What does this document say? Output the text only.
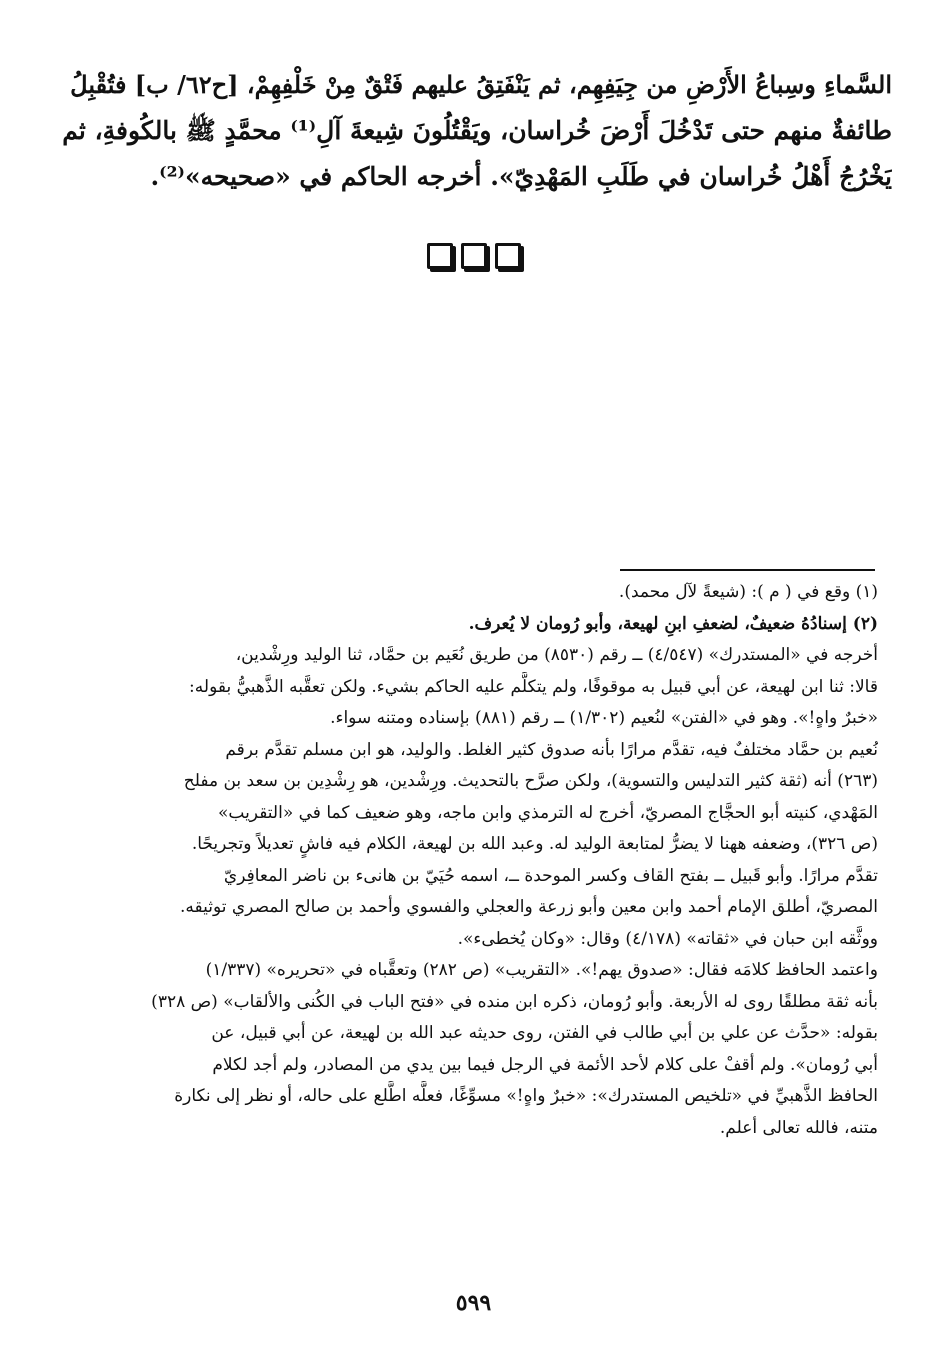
السَّماءِ وسِباعُ الأَرْضِ من جِيَفِهِم، ثم يَنْفَتِقُ عليهم فَتْقٌ مِنْ خَلْفِهِمْ، [ح٦٢/ ب] فتُقْبِلُ
طائفةٌ منهم حتى تَدْخُلَ أَرْضَ خُراسان، ويَقْتُلُونَ شِيعةَ آلِ⁽¹⁾ محمَّدٍ ﷺ بالكُوفةِ، ثم
يَخْرُجُ أَهْلُ خُراسان في طَلَبِ المَهْدِيّ». أخرجه الحاكم في «صحيحه»⁽²⁾.
(١) وقع في ( م ): (شيعةً لآل محمد).
(٢) إسنادُهُ ضعيفٌ، لضعفِ ابنِ لهيعة، وأبو رُومان لا يُعرف.
أخرجه في «المستدرك» (٤/٥٤٧) ــ رقم (٨٥٣٠) من طريق نُعَيم بن حمَّاد، ثنا الوليد ورِشْدين،
قالا: ثنا ابن لهيعة، عن أبي قبيل به موقوفًا، ولم يتكلَّم عليه الحاكم بشيء. ولكن تعقَّبه الذَّهبيُّ بقوله:
«خبرٌ واهٍ!». وهو في «الفتن» لنُعيم (١/٣٠٢) ــ رقم (٨٨١) بإسناده ومتنه سواء.
نُعيم بن حمَّاد مختلفٌ فيه، تقدَّم مرارًا بأنه صدوق كثير الغلط. والوليد، هو ابن مسلم تقدَّم برقم
(٢٦٣) أنه (ثقة كثير التدليس والتسوية)، ولكن صرَّح بالتحديث. ورِشْدين، هو رِشْدِين بن سعد بن مفلح
المَهْدي، كنيته أبو الحجَّاج المصريّ، أخرج له الترمذي وابن ماجه، وهو ضعيف كما في «التقريب»
(ص ٣٢٦)، وضعفه ههنا لا يضرُّ لمتابعة الوليد له. وعبد الله بن لهيعة، الكلام فيه فاشٍ تعديلاً وتجريحًا.
تقدَّم مرارًا. وأبو قَبيل ــ بفتح القاف وكسر الموحدة ــ، اسمه حُيَيّ بن هانىء بن ناضر المعافِريّ
المصريّ، أطلق الإمام أحمد وابن معين وأبو زرعة والعجلي والفسوي وأحمد بن صالح المصري توثيقه.
ووثَّقه ابن حبان في «ثقاته» (٤/١٧٨) وقال: «وكان يُخطىء».
واعتمد الحافظ كلامَه فقال: «صدوق يهم!». «التقريب» (ص ٢٨٢) وتعقَّباه في «تحريره» (١/٣٣٧)
بأنه ثقة مطلقًا روى له الأربعة. وأبو رُومان، ذكره ابن منده في «فتح الباب في الكُنى والألقاب» (ص ٣٢٨)
بقوله: «حدَّث عن علي بن أبي طالب في الفتن، روى حديثه عبد الله بن لهيعة، عن أبي قبيل، عن
أبي رُومان». ولم أقفْ على كلام لأحد الأئمة في الرجل فيما بين يدي من المصادر، ولم أجد لكلام
الحافظ الذَّهبيِّ في «تلخيص المستدرك»: «خبرٌ واهٍ!» مسوِّغًا، فعلَّه اطَّلع على حاله، أو نظر إلى نكارة
متنه، فالله تعالى أعلم.
٥٩٩
